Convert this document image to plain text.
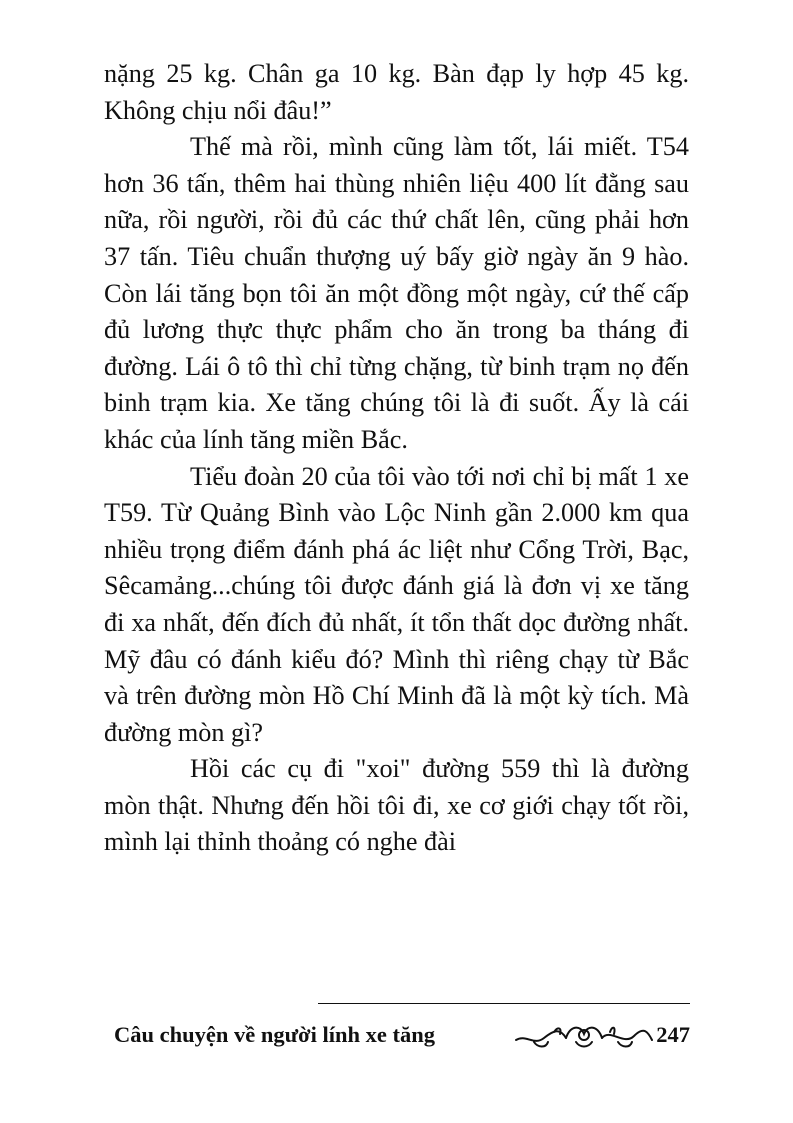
nặng 25 kg. Chân ga 10 kg. Bàn đạp ly hợp 45 kg. Không chịu nổi đâu!”

Thế mà rồi, mình cũng làm tốt, lái miết. T54 hơn 36 tấn, thêm hai thùng nhiên liệu 400 lít đằng sau nữa, rồi người, rồi đủ các thứ chất lên, cũng phải hơn 37 tấn. Tiêu chuẩn thượng uý bấy giờ ngày ăn 9 hào. Còn lái tăng bọn tôi ăn một đồng một ngày, cứ thế cấp đủ lương thực thực phẩm cho ăn trong ba tháng đi đường. Lái ô tô thì chỉ từng chặng, từ binh trạm nọ đến binh trạm kia. Xe tăng chúng tôi là đi suốt. Ấy là cái khác của lính tăng miền Bắc.

Tiểu đoàn 20 của tôi vào tới nơi chỉ bị mất 1 xe T59. Từ Quảng Bình vào Lộc Ninh gần 2.000 km qua nhiều trọng điểm đánh phá ác liệt như Cổng Trời, Bạc, Sêcamảng...chúng tôi được đánh giá là đơn vị xe tăng đi xa nhất, đến đích đủ nhất, ít tổn thất dọc đường nhất. Mỹ đâu có đánh kiểu đó? Mình thì riêng chạy từ Bắc và trên đường mòn Hồ Chí Minh đã là một kỳ tích. Mà đường mòn gì?

Hồi các cụ đi "xoi" đường 559 thì là đường mòn thật. Nhưng đến hồi tôi đi, xe cơ giới chạy tốt rồi, mình lại thỉnh thoảng có nghe đài

Câu chuyện về người lính xe tăng	247
